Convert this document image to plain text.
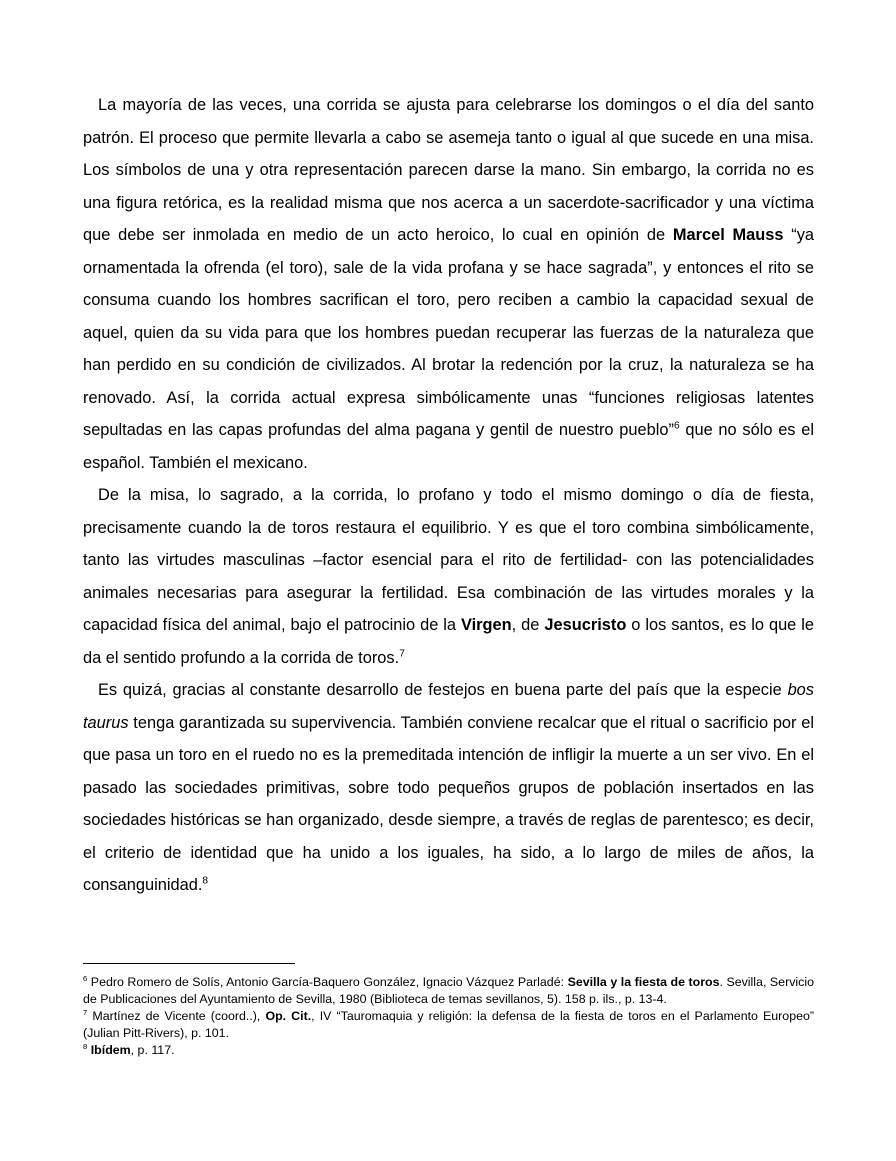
La mayoría de las veces, una corrida se ajusta para celebrarse los domingos o el día del santo patrón. El proceso que permite llevarla a cabo se asemeja tanto o igual al que sucede en una misa. Los símbolos de una y otra representación parecen darse la mano. Sin embargo, la corrida no es una figura retórica, es la realidad misma que nos acerca a un sacerdote-sacrificador y una víctima que debe ser inmolada en medio de un acto heroico, lo cual en opinión de Marcel Mauss “ya ornamentada la ofrenda (el toro), sale de la vida profana y se hace sagrada”, y entonces el rito se consuma cuando los hombres sacrifican el toro, pero reciben a cambio la capacidad sexual de aquel, quien da su vida para que los hombres puedan recuperar las fuerzas de la naturaleza que han perdido en su condición de civilizados. Al brotar la redención por la cruz, la naturaleza se ha renovado. Así, la corrida actual expresa simbólicamente unas “funciones religiosas latentes sepultadas en las capas profundas del alma pagana y gentil de nuestro pueblo”$^6$ que no sólo es el español. También el mexicano.

De la misa, lo sagrado, a la corrida, lo profano y todo el mismo domingo o día de fiesta, precisamente cuando la de toros restaura el equilibrio. Y es que el toro combina simbólicamente, tanto las virtudes masculinas –factor esencial para el rito de fertilidad- con las potencialidades animales necesarias para asegurar la fertilidad. Esa combinación de las virtudes morales y la capacidad física del animal, bajo el patrocinio de la Virgen, de Jesucristo o los santos, es lo que le da el sentido profundo a la corrida de toros.$^7$

Es quizá, gracias al constante desarrollo de festejos en buena parte del país que la especie bos taurus tenga garantizada su supervivencia. También conviene recalcar que el ritual o sacrificio por el que pasa un toro en el ruedo no es la premeditada intención de infligir la muerte a un ser vivo. En el pasado las sociedades primitivas, sobre todo pequeños grupos de población insertados en las sociedades históricas se han organizado, desde siempre, a través de reglas de parentesco; es decir, el criterio de identidad que ha unido a los iguales, ha sido, a lo largo de miles de años, la consanguinidad.$^8$

$^6$ Pedro Romero de Solís, Antonio García-Baquero González, Ignacio Vázquez Parladé: Sevilla y la fiesta de toros. Sevilla, Servicio de Publicaciones del Ayuntamiento de Sevilla, 1980 (Biblioteca de temas sevillanos, 5). 158 p. ils., p. 13-4.

$^7$ Martínez de Vicente (coord..), Op. Cit., IV “Tauromaquia y religión: la defensa de la fiesta de toros en el Parlamento Europeo” (Julian Pitt-Rivers), p. 101.

$^8$ Ibídem, p. 117.
